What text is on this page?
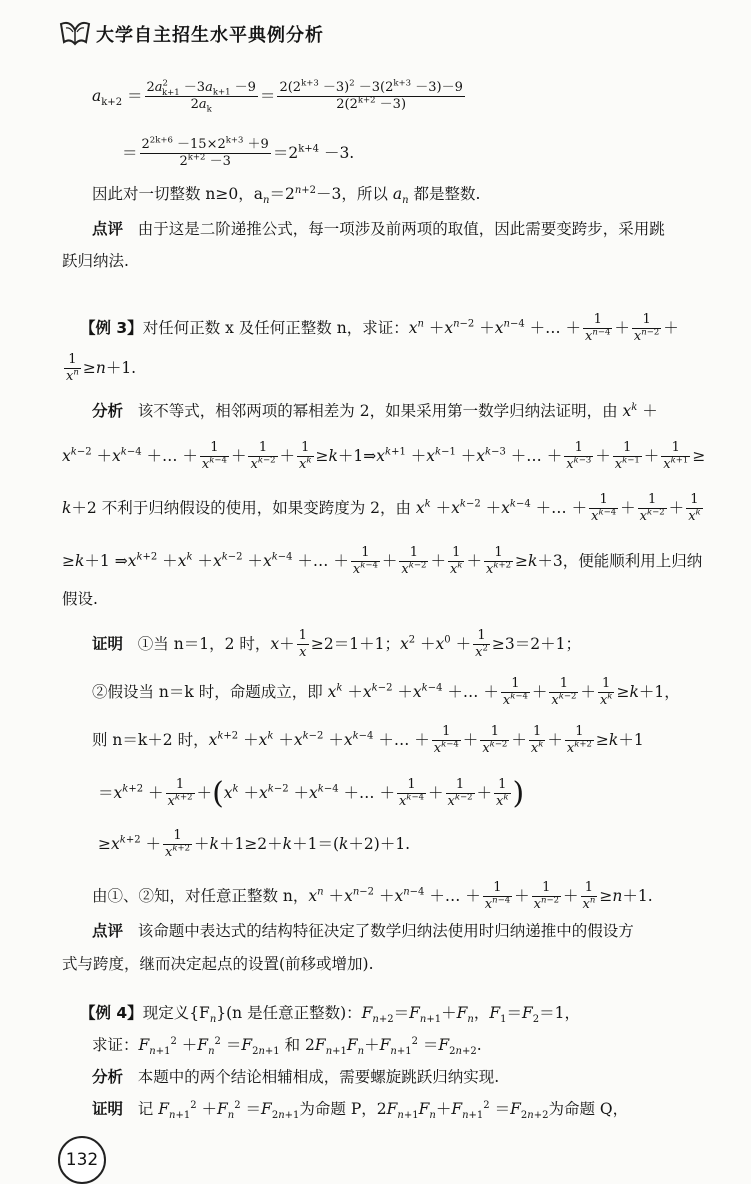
大学自主招生水平典例分析
$a_{k+2} = \frac{2a^2_{k+1} -3a_{k+1} -9}{2a_k} = \frac{2(2^{k+3} -3)^2 -3(2^{k+3} -3)-9}{2(2^{k+2} -3)}$
＝ $\frac{2^{2k+6} -15\times 2^{k+3} +9}{2^{k+2} -3} =2^{k+4} -3$.
因此对一切整数 n≥0，$a_n=2^{n+2}-3$，所以 $a_n$ 都是整数.
点评 由于这是二阶递推公式，每一项涉及前两项的取值，因此需要变跨步，采用跳
跃归纳法.
【例 3】对任何正数 x 及任何正整数 n，求证：$x^n +x^{n-2} +x^{n-4}$ ＋… ＋ $\frac{1}{x^{n-4}} + \frac{1}{x^{n-2}}$ ＋
$\frac{1}{x^n} \ge n+1$.
分析 该不等式，相邻两项的幂相差为 2，如果采用第一数学归纳法证明，由 $x^k$ ＋
$x^{k-2} +x^{k-4}$ ＋… ＋ $\frac{1}{x^{k-4}} + \frac{1}{x^{k-2}} + \frac{1}{x^k}$ $\ge k+1\Rightarrow x^{k+1} +x^{k-1} +x^{k-3}$ ＋… ＋ $\frac{1}{x^{k-3}} + \frac{1}{x^{k-1}} + \frac{1}{x^{k+1}}$ ≥
k＋2 不利于归纳假设的使用，如果变跨度为 2，由 $x^k +x^{k-2} +x^{k-4}$ ＋… ＋ $\frac{1}{x^{k-4}} + \frac{1}{x^{k-2}} + \frac{1}{x^k}$
≥k＋1 $\Rightarrow x^{k+2} +x^k +x^{k-2} +x^{k-4}$ ＋… ＋ $\frac{1}{x^{k-4}} + \frac{1}{x^{k-2}} + \frac{1}{x^k} + \frac{1}{x^{k+2}} \ge k+3$，便能顺利用上归纳
假设.
证明 ①当 n＝1，2 时，$x+ \frac{1}{x} \ge 2=1+1$；$x^2 +x^0 + \frac{1}{x^2} \ge 3=2+1$；
②假设当 n＝k 时，命题成立，即 $x^k +x^{k-2} +x^{k-4}$ ＋… ＋ $\frac{1}{x^{k-4}} + \frac{1}{x^{k-2}} + \frac{1}{x^k} \ge k+1$，
则 n＝k＋2 时，$x^{k+2} +x^k +x^{k-2} +x^{k-4}$ ＋… ＋ $\frac{1}{x^{k-4}} + \frac{1}{x^{k-2}} + \frac{1}{x^k} + \frac{1}{x^{k+2}} \ge k+1$
$=x^{k+2} + \frac{1}{x^{k+2}} +(x^k +x^{k-2} +x^{k-4}$ ＋… ＋ $\frac{1}{x^{k-4}} + \frac{1}{x^{k-2}} + \frac{1}{x^k}$ )
$\ge x^{k+2} + \frac{1}{x^{k+2}} +k+1\ge 2+k+1=(k+2)+1$.
由①、②知，对任意正整数 n，$x^n +x^{n-2} +x^{n-4}$ ＋… ＋ $\frac{1}{x^{n-4}} + \frac{1}{x^{n-2}} + \frac{1}{x^n} \ge n+1$.
点评 该命题中表达式的结构特征决定了数学归纳法使用时归纳递推中的假设方
式与跨度，继而决定起点的设置(前移或增加).
【例 4】现定义$\{F_n\}(n$ 是任意正整数)：$F_{n+2}=F_{n+1}+F_n$，$F_1=F_2=1$，
求证：$F_{n+1}^2 +F_n^2 =F_{2n+1}$ 和 $2F_{n+1}F_n+F_{n+1}^2 =F_{2n+2}$.
分析 本题中的两个结论相辅相成，需要螺旋跳跃归纳实现.
证明 记 $F_{n+1}^2 +F_n^2 =F_{2n+1}$为命题 P，$2F_{n+1}F_n+F_{n+1}^2 =F_{2n+2}$为命题 Q，
132
